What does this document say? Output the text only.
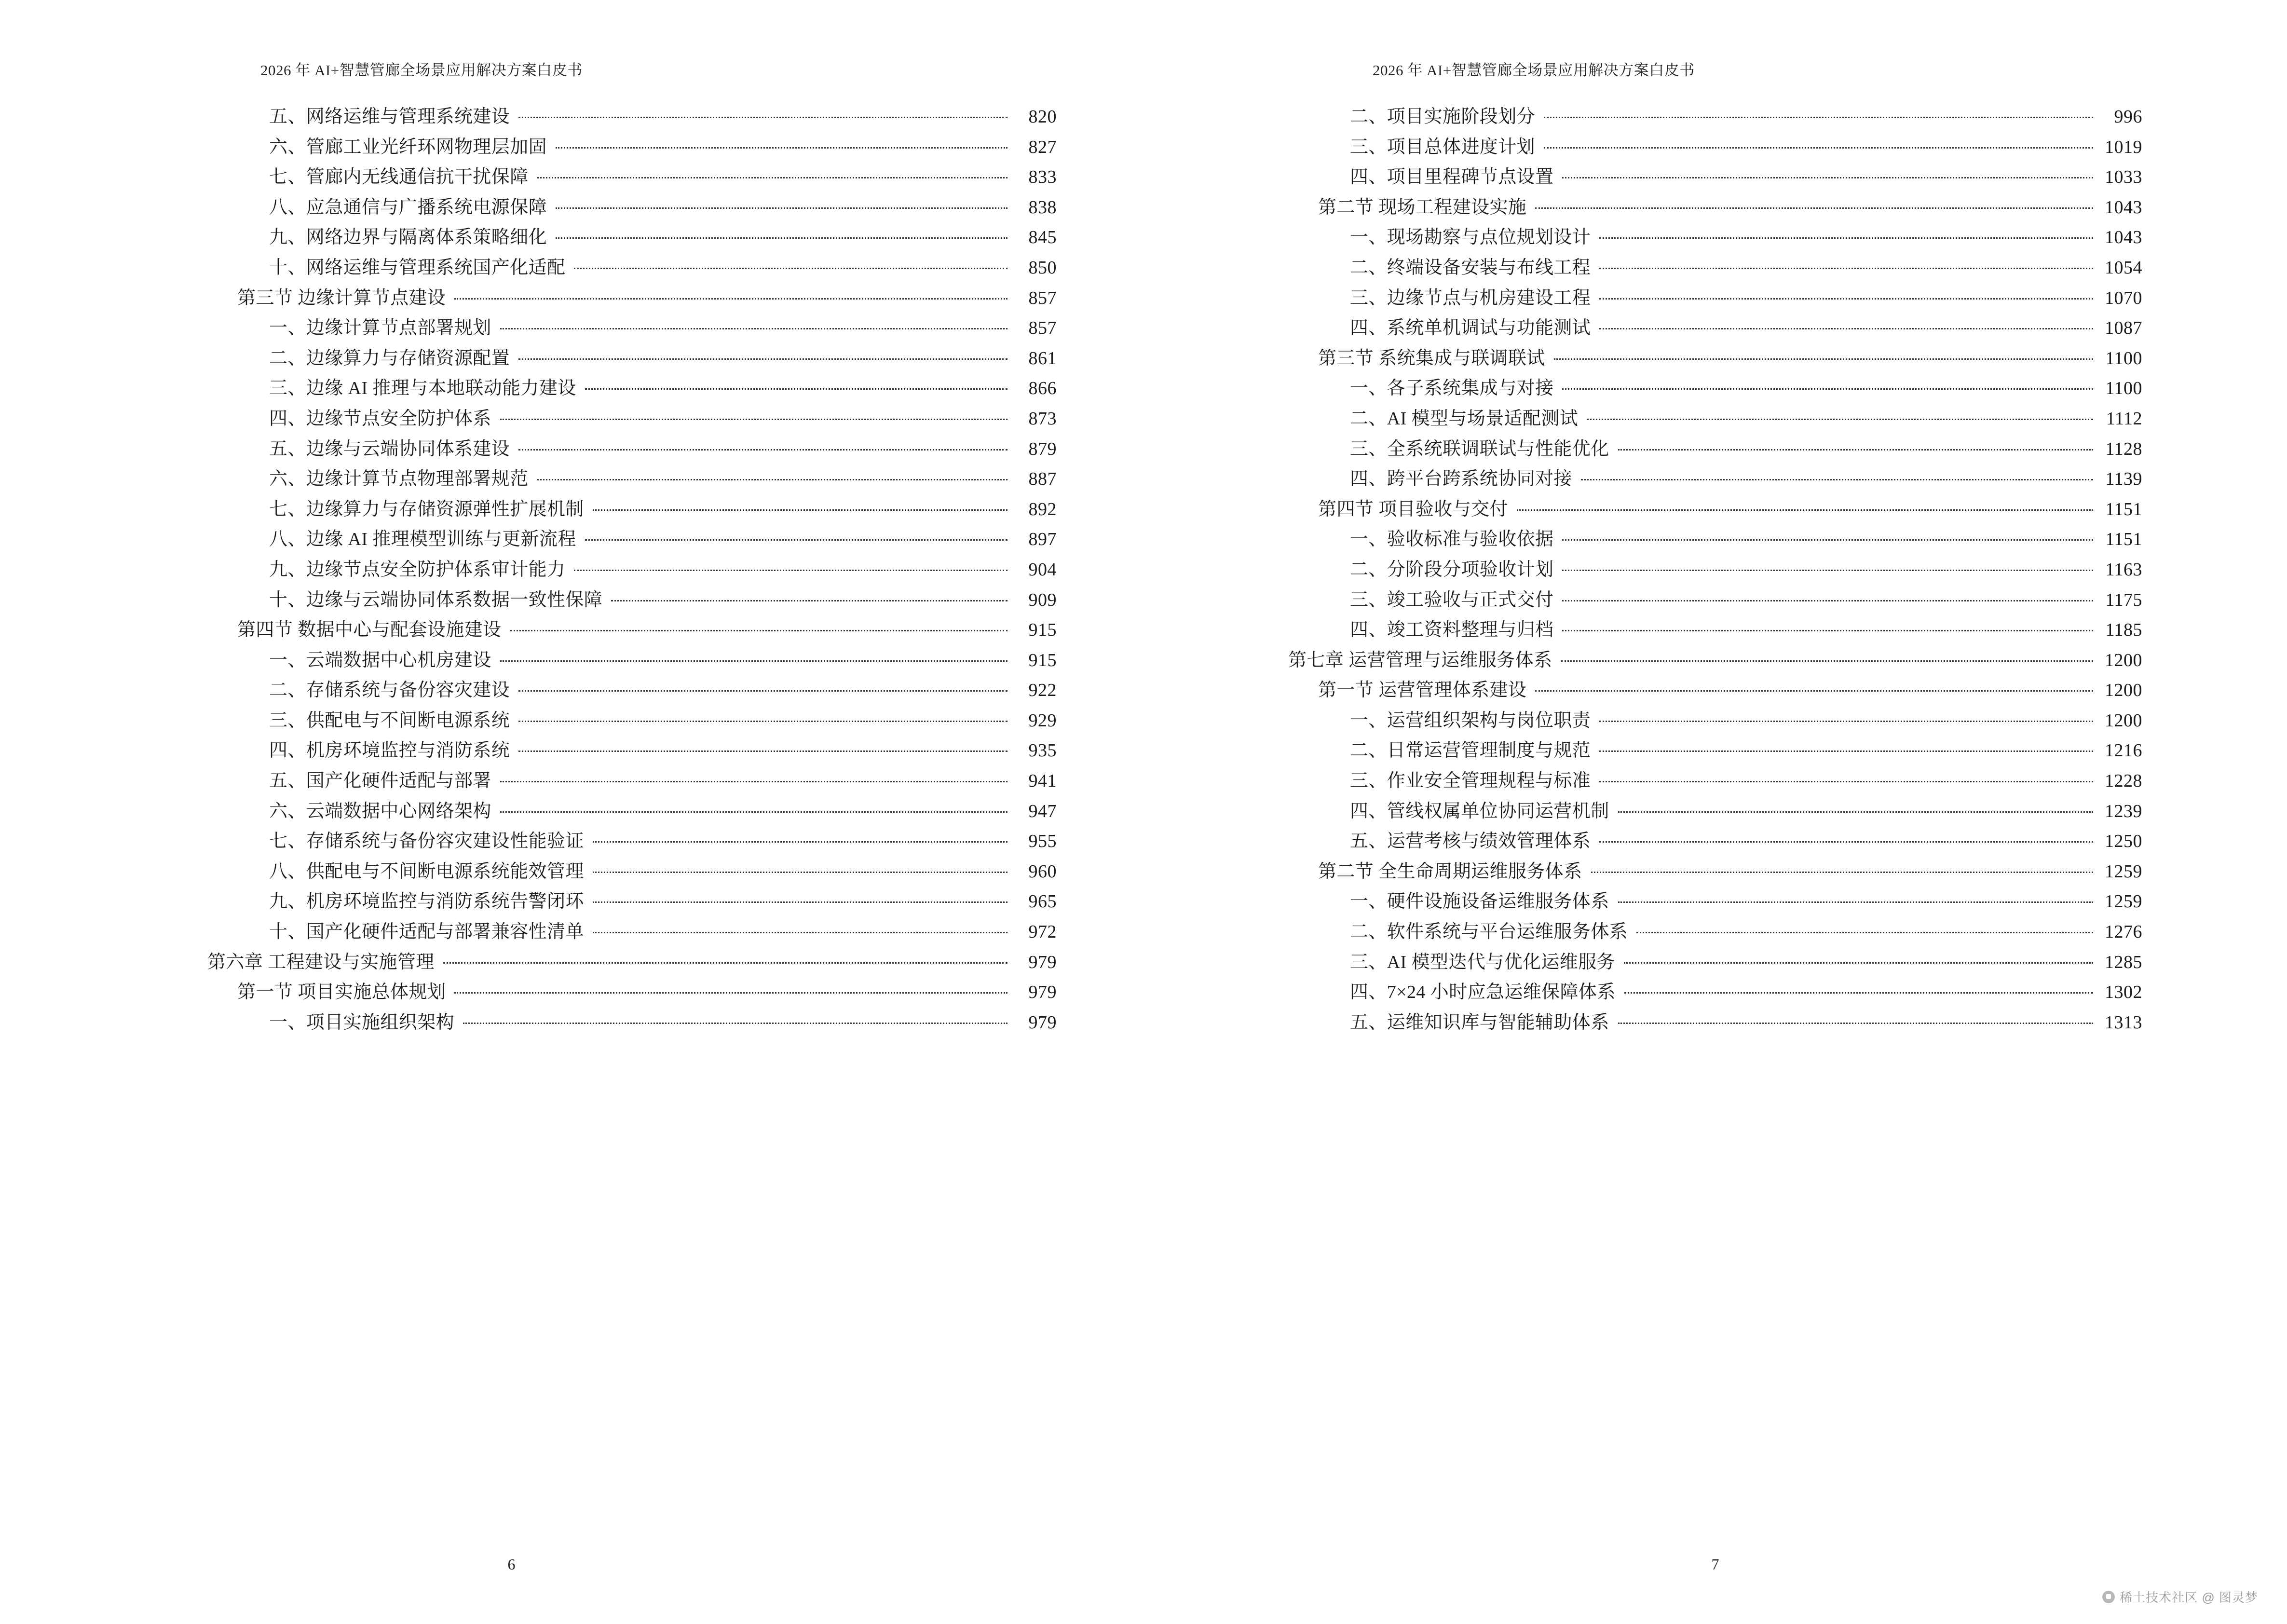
2026 年 AI+智慧管廊全场景应用解决方案白皮书
五、网络运维与管理系统建设	820
六、管廊工业光纤环网物理层加固	827
七、管廊内无线通信抗干扰保障	833
八、应急通信与广播系统电源保障	838
九、网络边界与隔离体系策略细化	845
十、网络运维与管理系统国产化适配	850
第三节 边缘计算节点建设	857
一、边缘计算节点部署规划	857
二、边缘算力与存储资源配置	861
三、边缘 AI 推理与本地联动能力建设	866
四、边缘节点安全防护体系	873
五、边缘与云端协同体系建设	879
六、边缘计算节点物理部署规范	887
七、边缘算力与存储资源弹性扩展机制	892
八、边缘 AI 推理模型训练与更新流程	897
九、边缘节点安全防护体系审计能力	904
十、边缘与云端协同体系数据一致性保障	909
第四节 数据中心与配套设施建设	915
一、云端数据中心机房建设	915
二、存储系统与备份容灾建设	922
三、供配电与不间断电源系统	929
四、机房环境监控与消防系统	935
五、国产化硬件适配与部署	941
六、云端数据中心网络架构	947
七、存储系统与备份容灾建设性能验证	955
八、供配电与不间断电源系统能效管理	960
九、机房环境监控与消防系统告警闭环	965
十、国产化硬件适配与部署兼容性清单	972
第六章 工程建设与实施管理	979
第一节 项目实施总体规划	979
一、项目实施组织架构	979
6
2026 年 AI+智慧管廊全场景应用解决方案白皮书
二、项目实施阶段划分	996
三、项目总体进度计划	1019
四、项目里程碑节点设置	1033
第二节 现场工程建设实施	1043
一、现场勘察与点位规划设计	1043
二、终端设备安装与布线工程	1054
三、边缘节点与机房建设工程	1070
四、系统单机调试与功能测试	1087
第三节 系统集成与联调联试	1100
一、各子系统集成与对接	1100
二、AI 模型与场景适配测试	1112
三、全系统联调联试与性能优化	1128
四、跨平台跨系统协同对接	1139
第四节 项目验收与交付	1151
一、验收标准与验收依据	1151
二、分阶段分项验收计划	1163
三、竣工验收与正式交付	1175
四、竣工资料整理与归档	1185
第七章 运营管理与运维服务体系	1200
第一节 运营管理体系建设	1200
一、运营组织架构与岗位职责	1200
二、日常运营管理制度与规范	1216
三、作业安全管理规程与标准	1228
四、管线权属单位协同运营机制	1239
五、运营考核与绩效管理体系	1250
第二节 全生命周期运维服务体系	1259
一、硬件设施设备运维服务体系	1259
二、软件系统与平台运维服务体系	1276
三、AI 模型迭代与优化运维服务	1285
四、7×24 小时应急运维保障体系	1302
五、运维知识库与智能辅助体系	1313
7
稀土技术社区 @ 图灵梦
